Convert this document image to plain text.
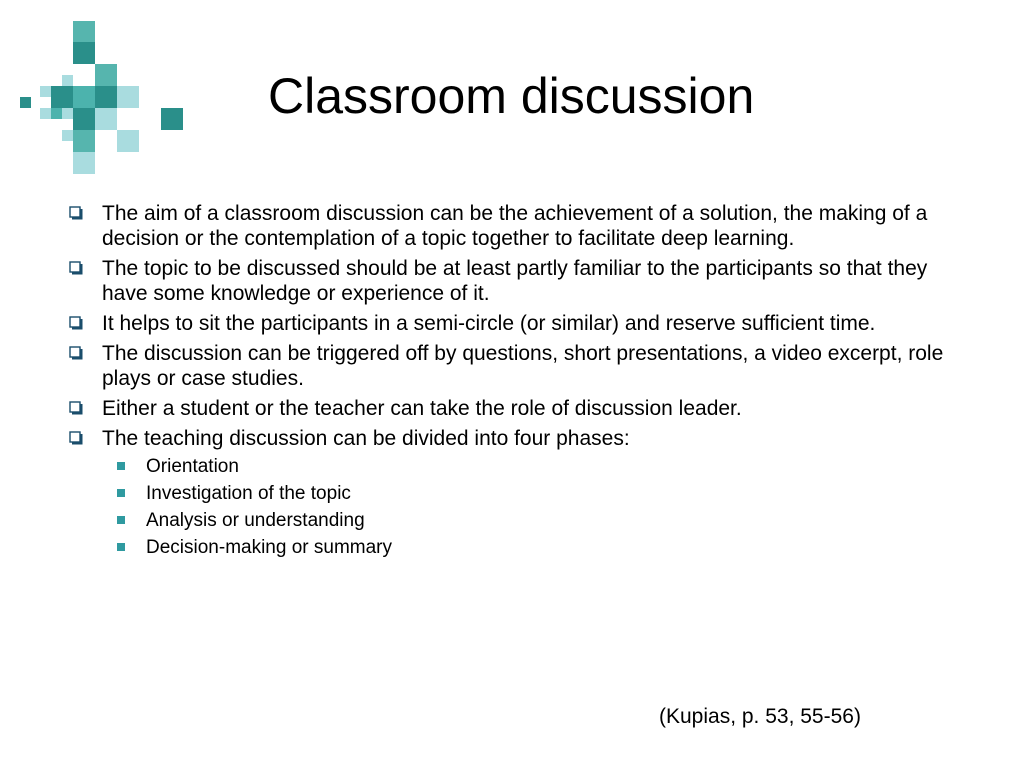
Classroom discussion
The aim of a classroom discussion can be the achievement of a solution, the making of a decision or the contemplation of a topic together to facilitate deep learning.
The topic to be discussed should be at least partly familiar to the participants so that they have some knowledge or experience of it.
It helps to sit the participants in a semi-circle (or similar) and reserve sufficient time.
The discussion can be triggered off by questions, short presentations, a video excerpt, role plays or case studies.
Either a student or the teacher can take the role of discussion leader.
The teaching discussion can be divided into four phases:
Orientation
Investigation of the topic
Analysis or understanding
Decision-making or summary
(Kupias, p. 53, 55-56)
